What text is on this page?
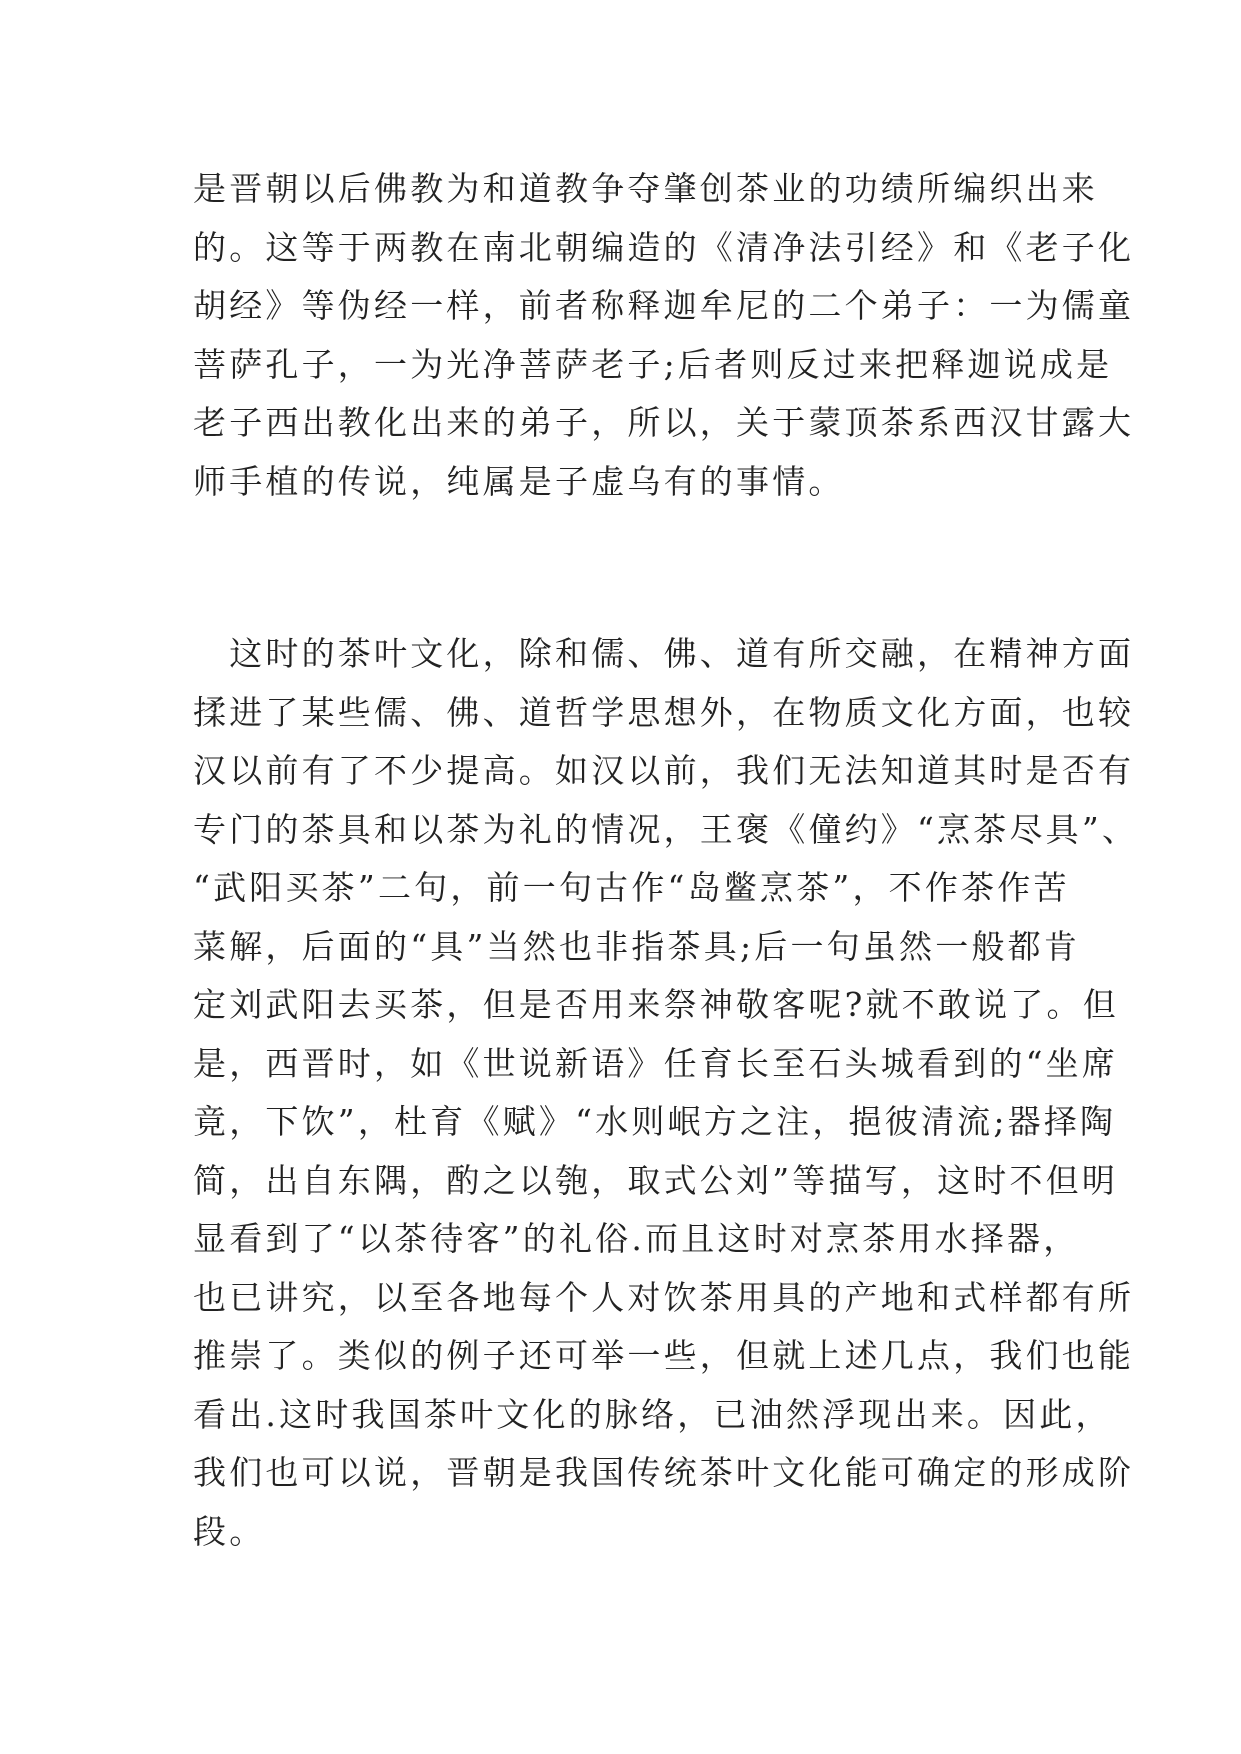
是晋朝以后佛教为和道教争夺肇创茶业的功绩所编织出来
的。这等于两教在南北朝编造的《清净法引经》和《老子化
胡经》等伪经一样，前者称释迦牟尼的二个弟子：一为儒童
菩萨孔子，一为光净菩萨老子;后者则反过来把释迦说成是
老子西出教化出来的弟子，所以，关于蒙顶茶系西汉甘露大
师手植的传说，纯属是子虚乌有的事情。
　这时的茶叶文化，除和儒、佛、道有所交融，在精神方面
揉进了某些儒、佛、道哲学思想外，在物质文化方面，也较
汉以前有了不少提高。如汉以前，我们无法知道其时是否有
专门的茶具和以茶为礼的情况，王褒《僮约》“烹茶尽具”、
“武阳买茶”二句，前一句古作“岛鳖烹茶”，不作茶作苦
菜解，后面的“具”当然也非指茶具;后一句虽然一般都肯
定刘武阳去买茶，但是否用来祭神敬客呢?就不敢说了。但
是，西晋时，如《世说新语》任育长至石头城看到的“坐席
竟，下饮”，杜育《赋》“水则岷方之注，挹彼清流;器择陶
简，出自东隅，酌之以匏，取式公刘”等描写，这时不但明
显看到了“以茶待客”的礼俗.而且这时对烹茶用水择器，
也已讲究，以至各地每个人对饮茶用具的产地和式样都有所
推崇了。类似的例子还可举一些，但就上述几点，我们也能
看出.这时我国茶叶文化的脉络，已油然浮现出来。因此，
我们也可以说，晋朝是我国传统茶叶文化能可确定的形成阶
段。
